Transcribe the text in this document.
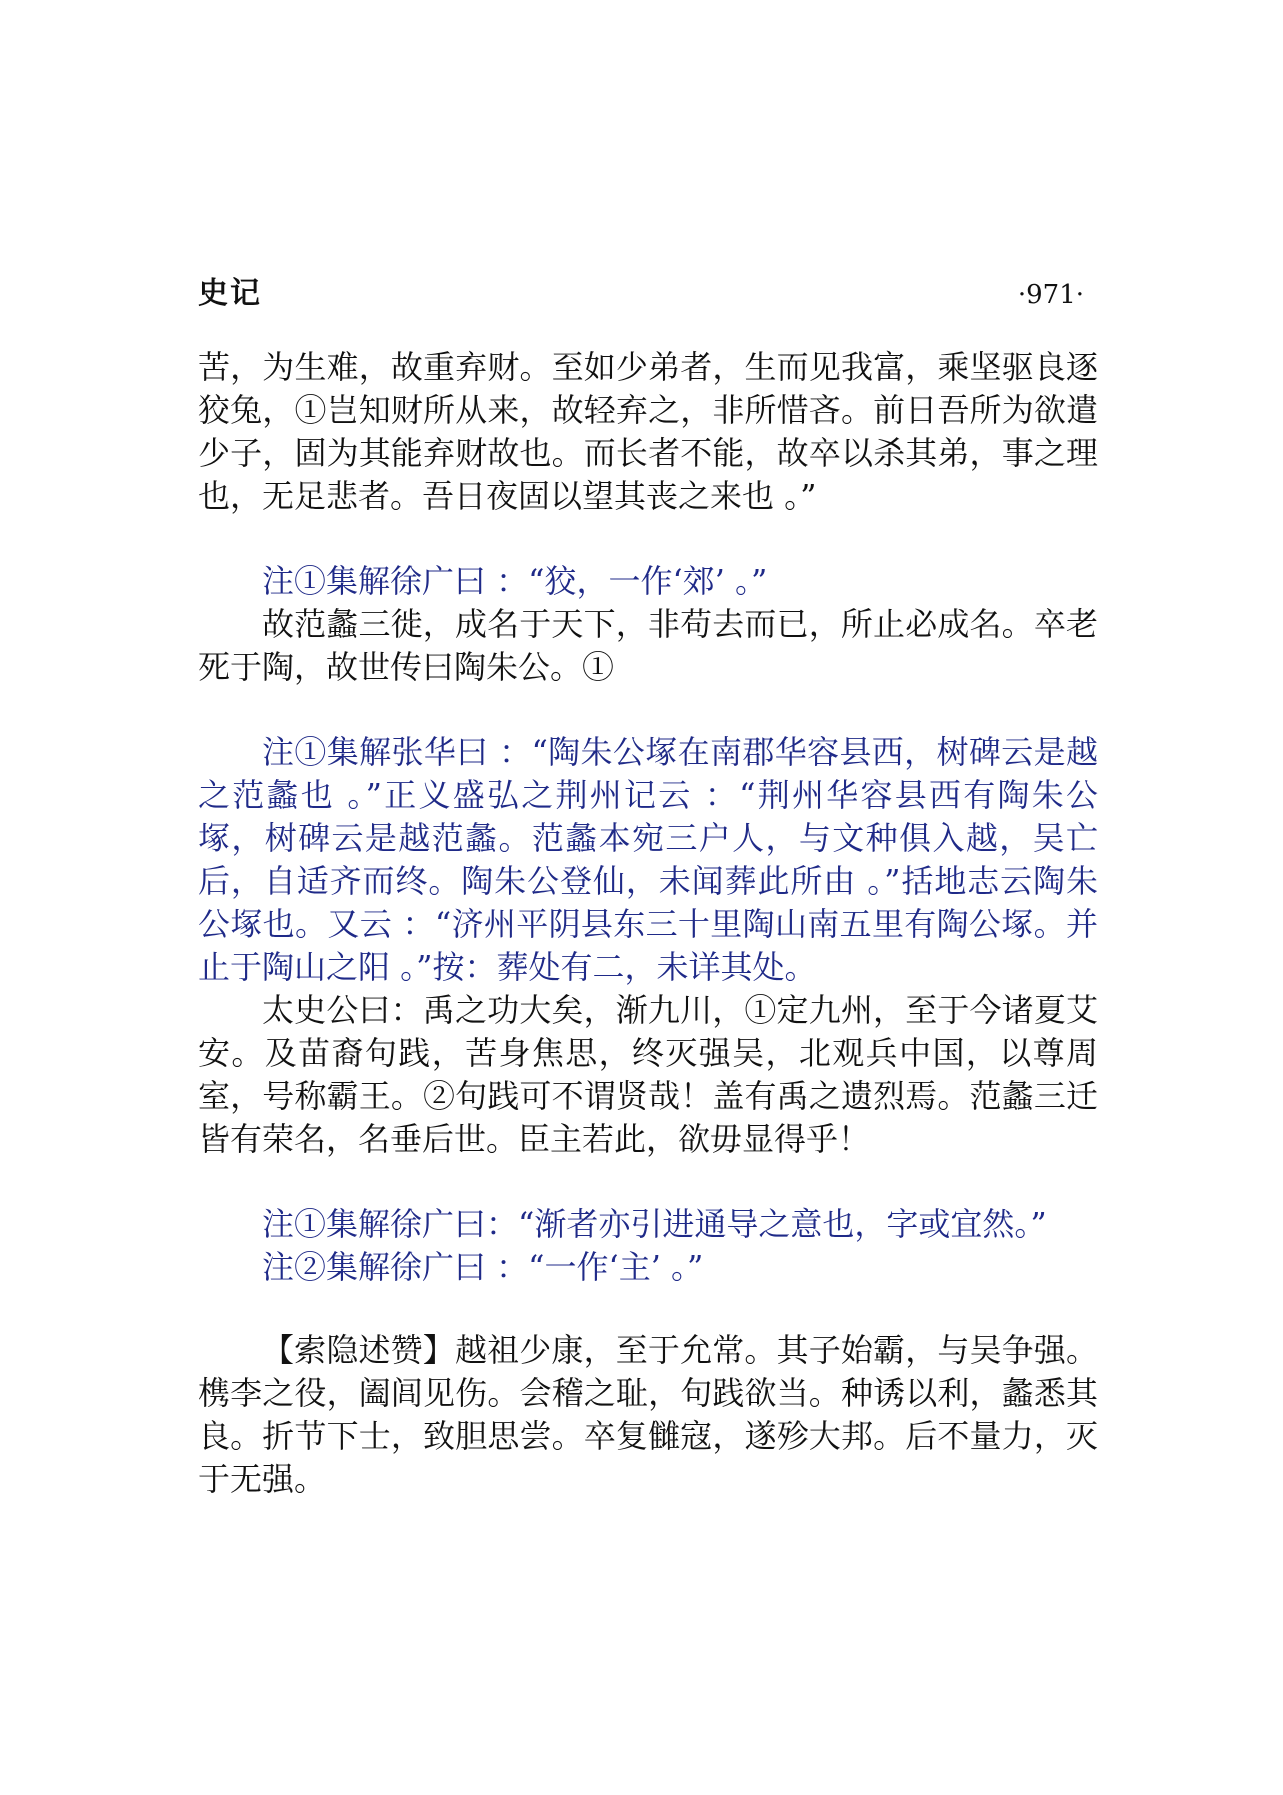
史记	·971·

苦，为生难，故重弃财。至如少弟者，生而见我富，乘坚驱良逐狡兔，①岂知财所从来，故轻弃之，非所惜吝。前日吾所为欲遣少子，固为其能弃财故也。而长者不能，故卒以杀其弟，事之理也，无足悲者。吾日夜固以望其丧之来也 。”

注①集解徐广曰 ：“狡，一作‘郊’ 。”

故范蠡三徙，成名于天下，非苟去而已，所止必成名。卒老死于陶，故世传曰陶朱公。①

注①集解张华曰 ：“陶朱公塚在南郡华容县西，树碑云是越之范蠡也 。”正义盛弘之荆州记云 ：“荆州华容县西有陶朱公塚，树碑云是越范蠡。范蠡本宛三户人，与文种俱入越，吴亡后，自适齐而终。陶朱公登仙，未闻葬此所由 。”括地志云陶朱公塚也。又云 ：“济州平阴县东三十里陶山南五里有陶公塚。并止于陶山之阳 。”按：葬处有二，未详其处。

太史公曰：禹之功大矣，渐九川，①定九州，至于今诸夏艾安。及苗裔句践，苦身焦思，终灭强吴，北观兵中国，以尊周室，号称霸王。②句践可不谓贤哉！盖有禹之遗烈焉。范蠡三迁皆有荣名，名垂后世。臣主若此，欲毋显得乎！

注①集解徐广曰：“渐者亦引进通导之意也，字或宜然。”

注②集解徐广曰 ：“一作‘主’ 。”

【索隐述赞】越祖少康，至于允常。其子始霸，与吴争强。槜李之役，阖闾见伤。会稽之耻，句践欲当。种诱以利，蠡悉其良。折节下士，致胆思尝。卒复雠寇，遂殄大邦。后不量力，灭于无强。
